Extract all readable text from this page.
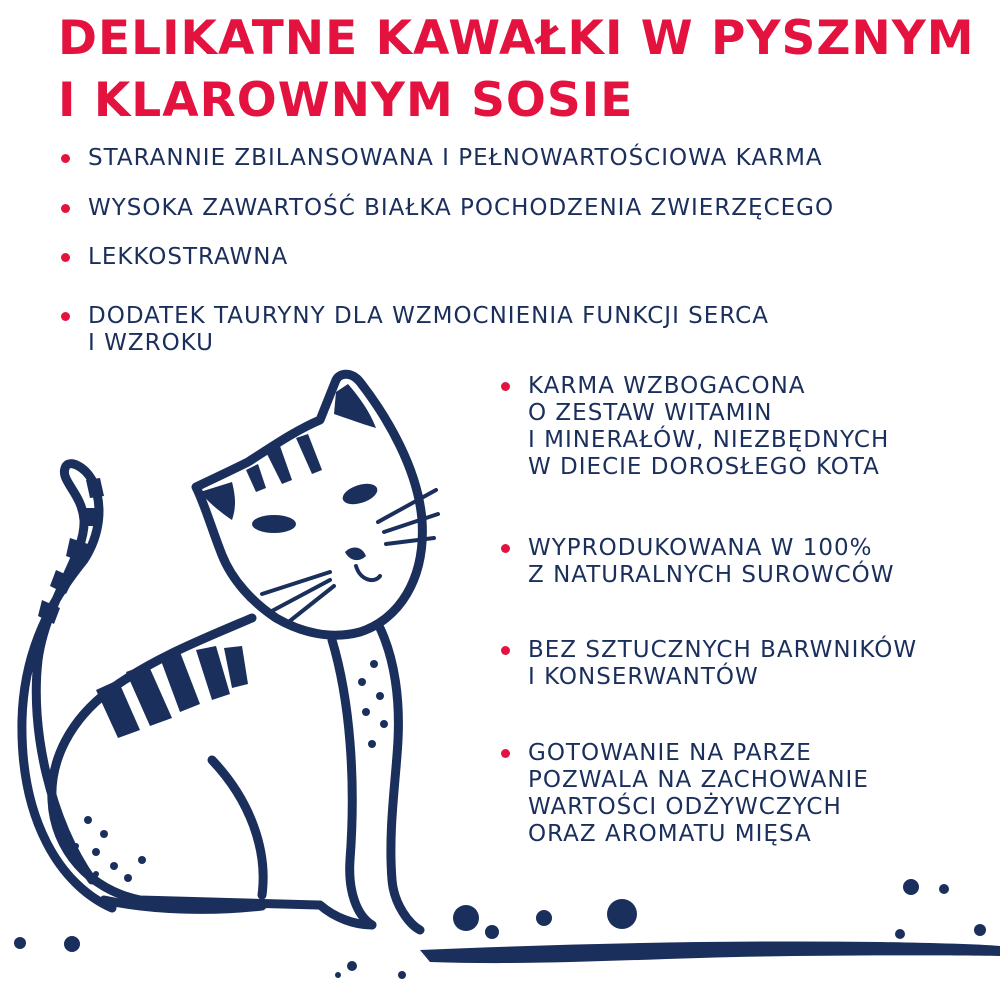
DELIKATNE KAWAŁKI W PYSZNYM
I KLAROWNYM SOSIE
STARANNIE ZBILANSOWANA I PEŁNOWARTOŚCIOWA KARMA
WYSOKA ZAWARTOŚĆ BIAŁKA POCHODZENIA ZWIERZĘCEGO
LEKKOSTRAWNA
DODATEK TAURYNY DLA WZMOCNIENIA FUNKCJI SERCA
I WZROKU
KARMA WZBOGACONA
O ZESTAW WITAMIN
I MINERAŁÓW, NIEZBĘDNYCH
W DIECIE DOROSŁEGO KOTA
WYPRODUKOWANA W 100%
Z NATURALNYCH SUROWCÓW
BEZ SZTUCZNYCH BARWNIKÓW
I KONSERWANTÓW
GOTOWANIE NA PARZE
POZWALA NA ZACHOWANIE
WARTOŚCI ODŻYWCZYCH
ORAZ AROMATU MIĘSA
